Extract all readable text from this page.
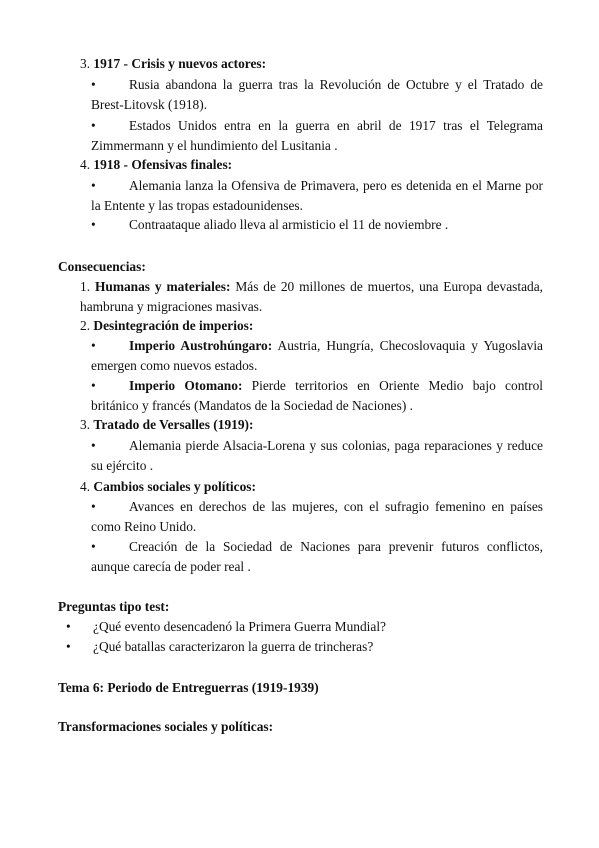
3. 1917 - Crisis y nuevos actores:
• Rusia abandona la guerra tras la Revolución de Octubre y el Tratado de Brest-Litovsk (1918).
• Estados Unidos entra en la guerra en abril de 1917 tras el Telegrama Zimmermann y el hundimiento del Lusitania .
4. 1918 - Ofensivas finales:
• Alemania lanza la Ofensiva de Primavera, pero es detenida en el Marne por la Entente y las tropas estadounidenses.
• Contraataque aliado lleva al armisticio el 11 de noviembre .
Consecuencias:
1. Humanas y materiales: Más de 20 millones de muertos, una Europa devastada, hambruna y migraciones masivas.
2. Desintegración de imperios:
• Imperio Austrohúngaro: Austria, Hungría, Checoslovaquia y Yugoslavia emergen como nuevos estados.
• Imperio Otomano: Pierde territorios en Oriente Medio bajo control británico y francés (Mandatos de la Sociedad de Naciones) .
3. Tratado de Versalles (1919):
• Alemania pierde Alsacia-Lorena y sus colonias, paga reparaciones y reduce su ejército .
4. Cambios sociales y políticos:
• Avances en derechos de las mujeres, con el sufragio femenino en países como Reino Unido.
• Creación de la Sociedad de Naciones para prevenir futuros conflictos, aunque carecía de poder real .
Preguntas tipo test:
• ¿Qué evento desencadenó la Primera Guerra Mundial?
• ¿Qué batallas caracterizaron la guerra de trincheras?
Tema 6: Periodo de Entreguerras (1919-1939)
Transformaciones sociales y políticas:
